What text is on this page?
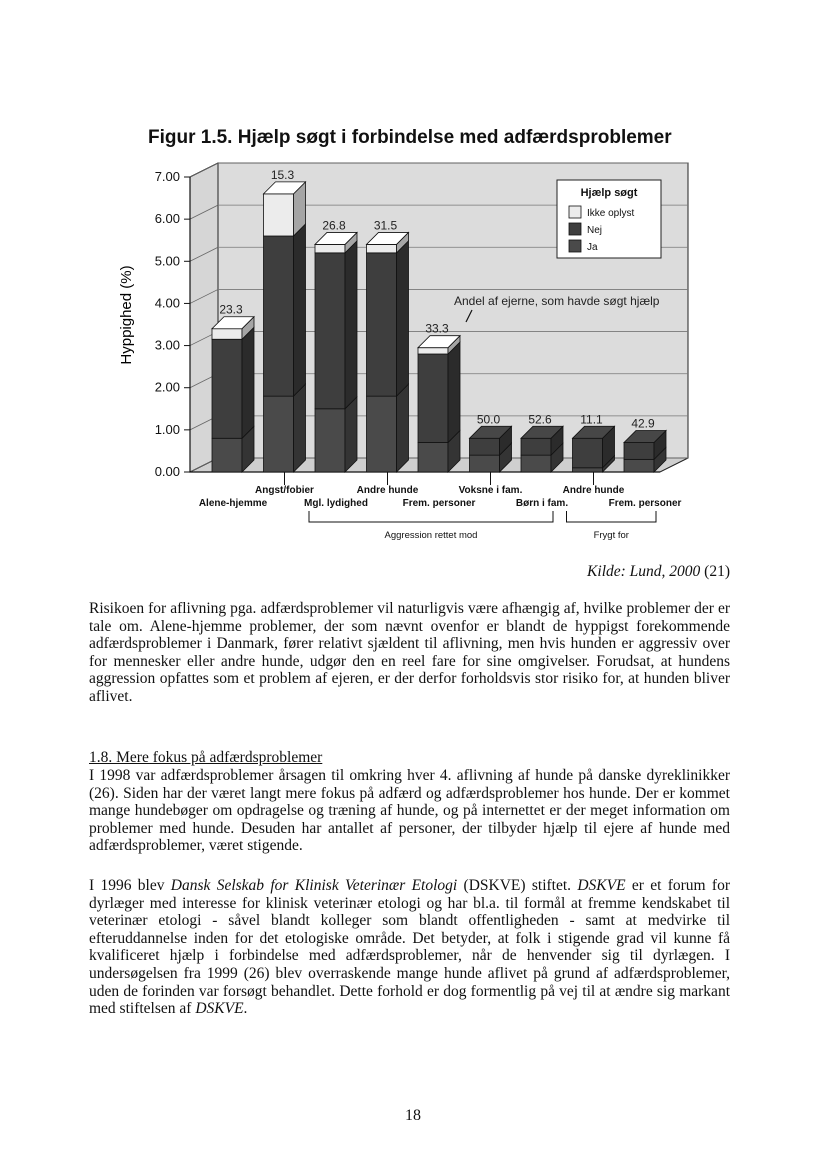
Figur 1.5. Hjælp søgt i forbindelse med adfærdsproblemer
0.00
1.00
2.00
3.00
4.00
5.00
6.00
7.00
Hyppighed (%)	23.3
15.3
26.8 31.5
33.3
50.0 52.6 11.1 42.9
Andel af ejerne, som havde søgt hjælp
Hjælp søgt
Ikke oplyst
Nej
Ja
Alene-hjemme
Angst/fobier
Mgl. lydighed
Andre hunde
Frem. personer
Voksne i fam.
Børn i fam.
Andre hunde
Frem. personer
Aggression rettet mod	Frygt for
Kilde: Lund, 2000 (21)
Risikoen for aflivning pga. adfærdsproblemer vil naturligvis være afhængig af, hvilke problemer der er tale om. Alene-hjemme problemer, der som nævnt ovenfor er blandt de hyppigst forekommende adfærdsproblemer i Danmark, fører relativt sjældent til aflivning, men hvis hunden er aggressiv over for mennesker eller andre hunde, udgør den en reel fare for sine omgivelser. Forudsat, at hundens aggression opfattes som et problem af ejeren, er der derfor forholdsvis stor risiko for, at hunden bliver aflivet.
1.8. Mere fokus på adfærdsproblemer
I 1998 var adfærdsproblemer årsagen til omkring hver 4. aflivning af hunde på danske dyreklinikker (26). Siden har der været langt mere fokus på adfærd og adfærdsproblemer hos hunde. Der er kommet mange hundebøger om opdragelse og træning af hunde, og på internettet er der meget information om problemer med hunde. Desuden har antallet af personer, der tilbyder hjælp til ejere af hunde med adfærdsproblemer, været stigende.
I 1996 blev Dansk Selskab for Klinisk Veterinær Etologi (DSKVE) stiftet. DSKVE er et forum for dyrlæger med interesse for klinisk veterinær etologi og har bl.a. til formål at fremme kendskabet til veterinær etologi - såvel blandt kolleger som blandt offentligheden - samt at medvirke til efteruddannelse inden for det etologiske område. Det betyder, at folk i stigende grad vil kunne få kvalificeret hjælp i forbindelse med adfærdsproblemer, når de henvender sig til dyrlægen. I undersøgelsen fra 1999 (26) blev overraskende mange hunde aflivet på grund af adfærdsproblemer, uden de forinden var forsøgt behandlet. Dette forhold er dog formentlig på vej til at ændre sig markant med stiftelsen af DSKVE.
18
